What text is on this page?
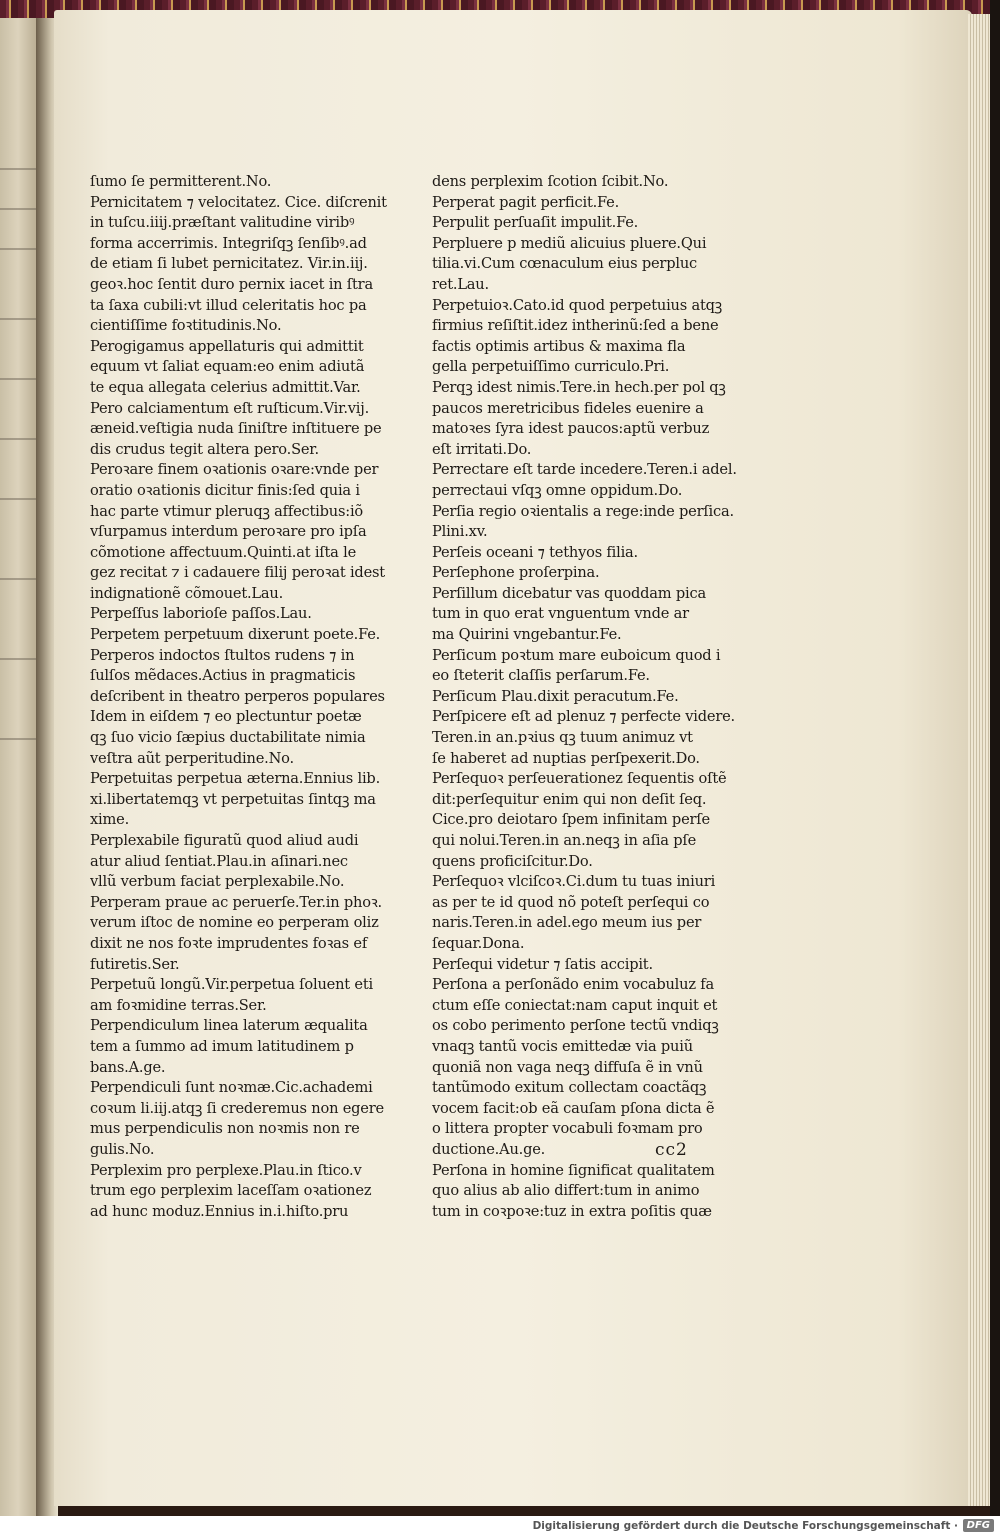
ſumo ſe permitterent.No.
Pernicitatem ⁊ velocitatez. Cice. diſcrenit
in tuſcu.iiij.præſtant valitudine viribꝰ
forma accerrimis. Integriſqꝫ ſenſibꝰ.ad
de etiam ſi lubet pernicitatez. Vir.in.iij.
geoꝛ.hoc ſentit duro pernix iacet in ſtra
ta ſaxa cubili:vt illud celeritatis hoc pa
cientiſſime foꝛtitudinis.No.
Perogigamus appellaturis qui admittit
equum vt ſaliat equam:eo enim adiutã
te equa allegata celerius admittit.Var.
Pero calciamentum eſt ruſticum.Vir.vij.
æneid.veſtigia nuda ſiniſtre inſtituere pe
dis crudus tegit altera pero.Ser.
Peroꝛare finem oꝛationis oꝛare:vnde per
oratio oꝛationis dicitur finis:ſed quia i
hac parte vtimur pleruqꝫ affectibus:iõ
vſurpamus interdum peroꝛare pro ipſa
cõmotione affectuum.Quinti.at iſta le
gez recitat ⁊ i cadauere filij peroꝛat idest
indignationẽ cõmouet.Lau.
Perpeſſus laborioſe paſſos.Lau.
Perpetem perpetuum dixerunt poete.Fe.
Perperos indoctos ſtultos rudens ⁊ in
ſulſos mẽdaces.Actius in pragmaticis
deſcribent in theatro perperos populares
Idem in eiſdem ⁊ eo plectuntur poetæ
qꝫ ſuo vicio ſæpius ductabilitate nimia
veſtra aũt perperitudine.No.
Perpetuitas perpetua æterna.Ennius lib.
xi.libertatemqꝫ vt perpetuitas ſintqꝫ ma
xime.
Perplexabile figuratũ quod aliud audi
atur aliud ſentiat.Plau.in aſinari.nec
vllũ verbum faciat perplexabile.No.
Perperam praue ac peruerſe.Ter.in phoꝛ.
verum iſtoc de nomine eo perperam oliz
dixit ne nos foꝛte imprudentes foꝛas ef
futiretis.Ser.
Perpetuũ longũ.Vir.perpetua ſoluent eti
am foꝛmidine terras.Ser.
Perpendiculum linea laterum æqualita
tem a ſummo ad imum latitudinem p
bans.A.ge.
Perpendiculi ſunt noꝛmæ.Cic.achademi
coꝛum li.iij.atqꝫ ſi crederemus non egere
mus perpendiculis non noꝛmis non re
gulis.No.
Perplexim pro perplexe.Plau.in ſtico.v
trum ego perplexim laceſſam oꝛationez
ad hunc moduz.Ennius in.i.hiſto.pru
dens perplexim ſcotion ſcibit.No.
Perperat pagit perficit.Fe.
Perpulit perſuaſit impulit.Fe.
Perpluere p mediũ alicuius pluere.Qui
tilia.vi.Cum cœnaculum eius perpluc
ret.Lau.
Perpetuioꝛ.Cato.id quod perpetuius atqꝫ
firmius reſiſtit.idez intherinũ:ſed a bene
factis optimis artibus & maxima fla
gella perpetuiſſimo curriculo.Pri.
Perqꝫ idest nimis.Tere.in hech.per pol qꝫ
paucos meretricibus fideles euenire a
matoꝛes ſyra idest paucos:aptũ verbuz
eſt irritati.Do.
Perrectare eſt tarde incedere.Teren.i adel.
perrectaui vſqꝫ omne oppidum.Do.
Perſia regio oꝛientalis a rege:inde perſica.
Plini.xv.
Perſeis oceani ⁊ tethyos filia.
Perſephone proſerpina.
Perſillum dicebatur vas quoddam pica
tum in quo erat vnguentum vnde ar
ma Quirini vngebantur.Fe.
Perſicum poꝛtum mare euboicum quod i
eo ſteterit claſſis perſarum.Fe.
Perſicum Plau.dixit peracutum.Fe.
Perſpicere eſt ad plenuz ⁊ perfecte videre.
Teren.in an.pꝛius qꝫ tuum animuz vt
ſe haberet ad nuptias perſpexerit.Do.
Perſequoꝛ perſeuerationez ſequentis oſtẽ
dit:perſequitur enim qui non deſit ſeq.
Cice.pro deiotaro ſpem infinitam perſe
qui nolui.Teren.in an.neqꝫ in aſia pſe
quens proficiſcitur.Do.
Perſequoꝛ vlciſcoꝛ.Ci.dum tu tuas iniuri
as per te id quod nõ poteſt perſequi co
naris.Teren.in adel.ego meum ius per
ſequar.Dona.
Perſequi videtur ⁊ ſatis accipit.
Perſona a perſonãdo enim vocabuluz fa
ctum eſſe coniectat:nam caput inquit et
os cobo perimento perſone tectũ vndiqꝫ
vnaqꝫ tantũ vocis emittedæ via puiũ
quoniã non vaga neqꝫ diffuſa ẽ in vnũ
tantũmodo exitum collectam coactãqꝫ
vocem facit:ob eã cauſam pſona dicta ẽ
o littera propter vocabuli foꝛmam pro
ductione.Au.ge.
Perſona in homine ſignificat qualitatem
quo alius ab alio differt:tum in animo
tum in coꝛpoꝛe:tuz in extra poſitis quæ
cc2
Digitalisierung gefördert durch die Deutsche Forschungsgemeinschaft · DFG
